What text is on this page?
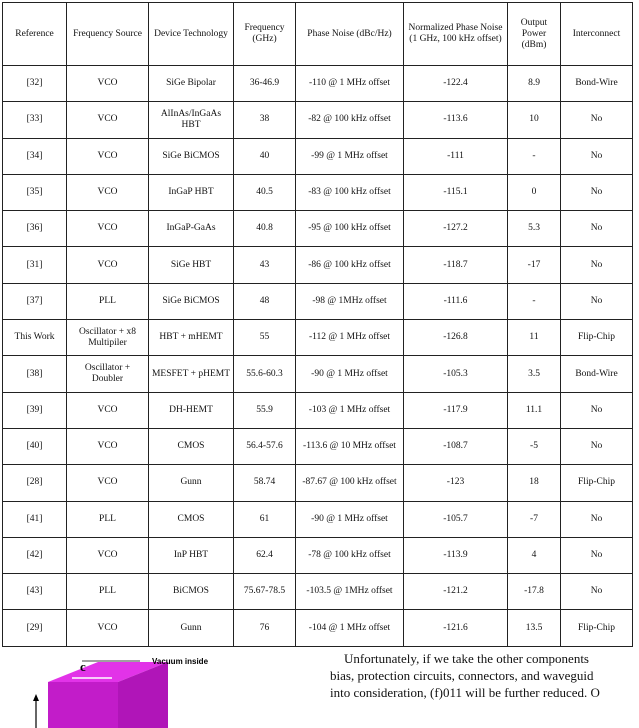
Reference	Frequency Source	Device Technology	Frequency (GHz)	Phase Noise (dBc/Hz)	Normalized Phase Noise (1 GHz, 100 kHz offset)	Output Power (dBm)	Interconnect
[32]	VCO	SiGe Bipolar	36-46.9	-110 @ 1 MHz offset	-122.4	8.9	Bond-Wire
[33]	VCO	AlInAs/InGaAs HBT	38	-82 @ 100 kHz offset	-113.6	10	No
[34]	VCO	SiGe BiCMOS	40	-99 @ 1 MHz offset	-111	-	No
[35]	VCO	InGaP HBT	40.5	-83 @ 100 kHz offset	-115.1	0	No
[36]	VCO	InGaP-GaAs	40.8	-95 @ 100 kHz offset	-127.2	5.3	No
[31]	VCO	SiGe HBT	43	-86 @ 100 kHz offset	-118.7	-17	No
[37]	PLL	SiGe BiCMOS	48	-98 @ 1MHz offset	-111.6	-	No
This Work	Oscillator + x8 Multipiler	HBT + mHEMT	55	-112 @ 1 MHz offset	-126.8	11	Flip-Chip
[38]	Oscillator + Doubler	MESFET + pHEMT	55.6-60.3	-90 @ 1 MHz offset	-105.3	3.5	Bond-Wire
[39]	VCO	DH-HEMT	55.9	-103 @ 1 MHz offset	-117.9	11.1	No
[40]	VCO	CMOS	56.4-57.6	-113.6 @ 10 MHz offset	-108.7	-5	No
[28]	VCO	Gunn	58.74	-87.67 @ 100 kHz offset	-123	18	Flip-Chip
[41]	PLL	CMOS	61	-90 @ 1 MHz offset	-105.7	-7	No
[42]	VCO	InP HBT	62.4	-78 @ 100 kHz offset	-113.9	4	No
[43]	PLL	BiCMOS	75.67-78.5	-103.5 @ 1MHz offset	-121.2	-17.8	No
[29]	VCO	Gunn	76	-104 @ 1 MHz offset	-121.6	13.5	Flip-Chip
c	Vacuum inside	Unfortunately, if we take the other components
bias, protection circuits, connectors, and waveguid
into consideration, (f)011 will be further reduced. O
